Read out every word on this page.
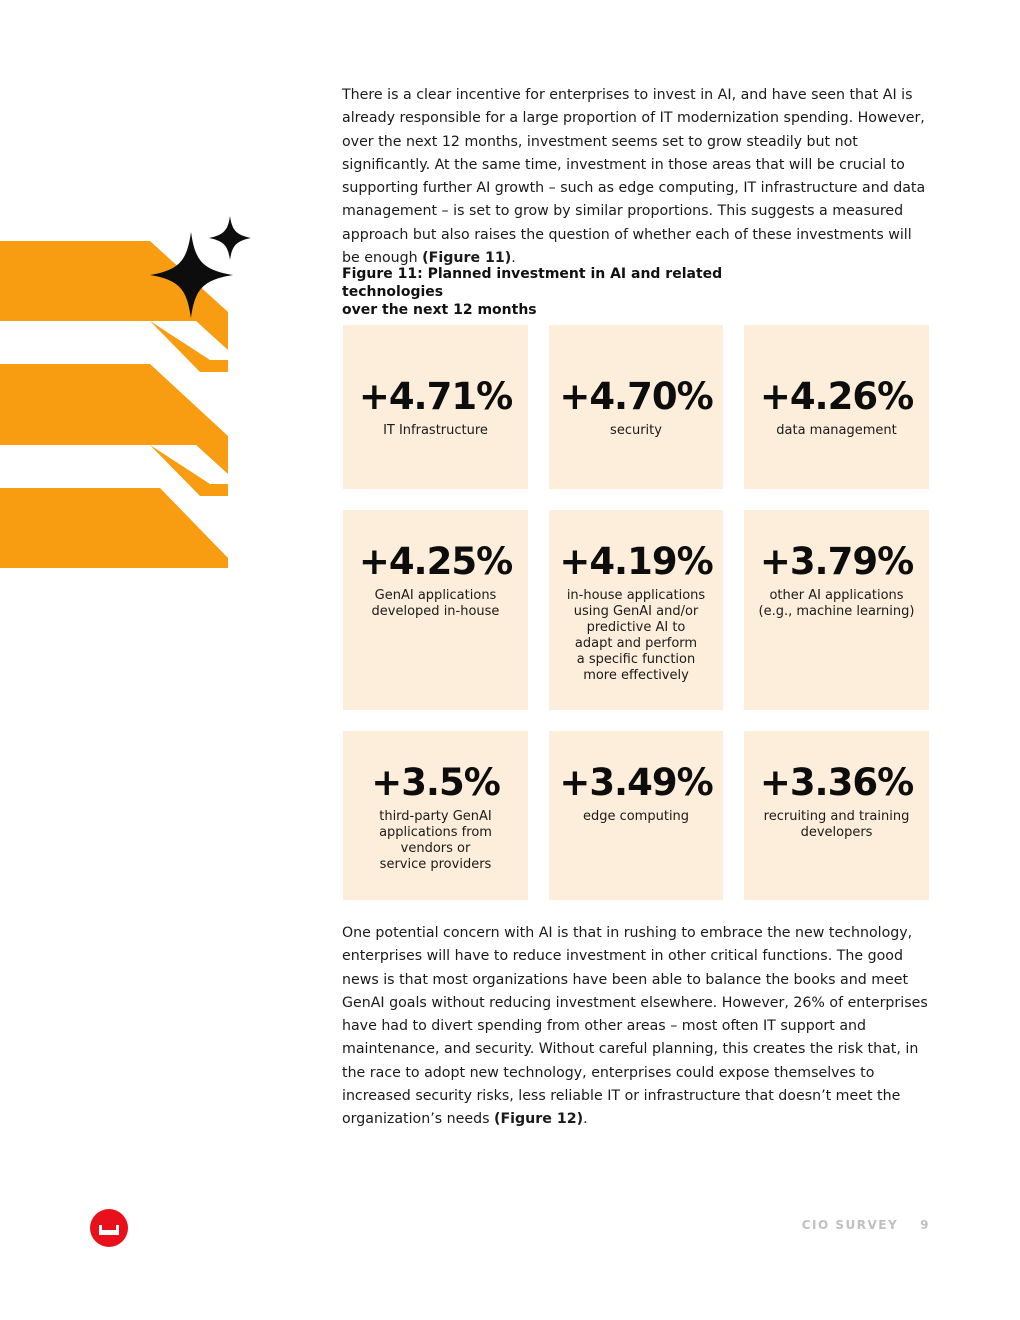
There is a clear incentive for enterprises to invest in AI, and have seen that AI is already responsible for a large proportion of IT modernization spending. However, over the next 12 months, investment seems set to grow steadily but not significantly. At the same time, investment in those areas that will be crucial to supporting further AI growth – such as edge computing, IT infrastructure and data management – is set to grow by similar proportions. This suggests a measured approach but also raises the question of whether each of these investments will be enough (Figure 11).

Figure 11: Planned investment in AI and related technologies
over the next 12 months

+4.71%
IT Infrastructure
+4.70%
security
+4.26%
data management
+4.25%
GenAI applications
developed in-house
+4.19%
in-house applications
using GenAI and/or
predictive AI to
adapt and perform
a specific function
more effectively
+3.79%
other AI applications
(e.g., machine learning)
+3.5%
third-party GenAI
applications from
vendors or
service providers
+3.49%
edge computing
+3.36%
recruiting and training
developers

One potential concern with AI is that in rushing to embrace the new technology, enterprises will have to reduce investment in other critical functions. The good news is that most organizations have been able to balance the books and meet GenAI goals without reducing investment elsewhere. However, 26% of enterprises have had to divert spending from other areas – most often IT support and maintenance, and security. Without careful planning, this creates the risk that, in the race to adopt new technology, enterprises could expose themselves to increased security risks, less reliable IT or infrastructure that doesn’t meet the organization’s needs (Figure 12).

CIO SURVEY 9
